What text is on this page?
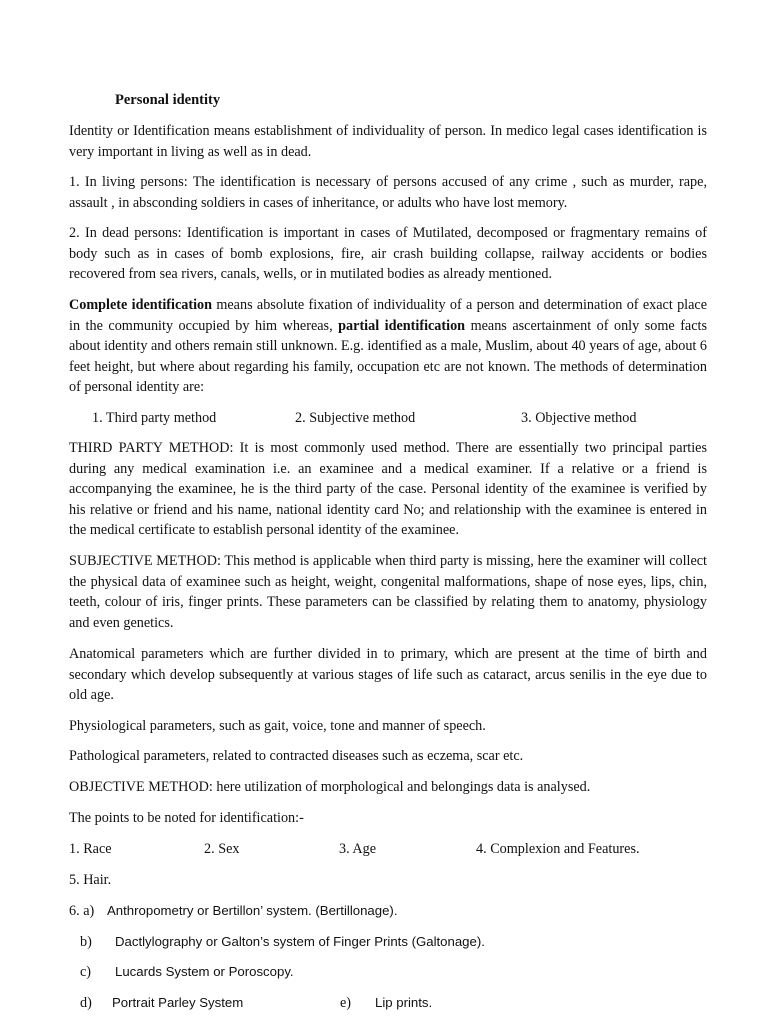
Personal identity

Identity or Identification means establishment of individuality of person. In medico legal cases identification is very important in living as well as in dead.

1. In living persons: The identification is necessary of persons accused of any crime , such as murder, rape, assault , in absconding soldiers in cases of inheritance, or adults who have lost memory.

2. In dead persons: Identification is important in cases of Mutilated, decomposed or fragmentary remains of body such as in cases of bomb explosions, fire, air crash building collapse, railway accidents or bodies recovered from sea rivers, canals, wells, or in mutilated bodies as already mentioned.

Complete identification means absolute fixation of individuality of a person and determination of exact place in the community occupied by him whereas, partial identification means ascertainment of only some facts about identity and others remain still unknown. E.g. identified as a male, Muslim, about 40 years of age, about 6 feet height, but where about regarding his family, occupation etc are not known. The methods of determination of personal identity are:

1. Third party method	2. Subjective method	3. Objective method

THIRD PARTY METHOD: It is most commonly used method. There are essentially two principal parties during any medical examination i.e. an examinee and a medical examiner. If a relative or a friend is accompanying the examinee, he is the third party of the case. Personal identity of the examinee is verified by his relative or friend and his name, national identity card No; and relationship with the examinee is entered in the medical certificate to establish personal identity of the examinee.

SUBJECTIVE METHOD: This method is applicable when third party is missing, here the examiner will collect the physical data of examinee such as height, weight, congenital malformations, shape of nose eyes, lips, chin, teeth, colour of iris, finger prints. These parameters can be classified by relating them to anatomy, physiology and even genetics.

Anatomical parameters which are further divided in to primary, which are present at the time of birth and secondary which develop subsequently at various stages of life such as cataract, arcus senilis in the eye due to old age.

Physiological parameters, such as gait, voice, tone and manner of speech.

Pathological parameters, related to contracted diseases such as eczema, scar etc.

OBJECTIVE METHOD: here utilization of morphological and belongings data is analysed.

The points to be noted for identification:-

1. Race	2. Sex	3. Age	4. Complexion and Features.
5. Hair.
6. a) Anthropometry or Bertillon’ system. (Bertillonage).
b) Dactlylography or Galton’s system of Finger Prints (Galtonage).
c) Lucards System or Poroscopy.
d) Portrait Parley System	e) Lip prints.
